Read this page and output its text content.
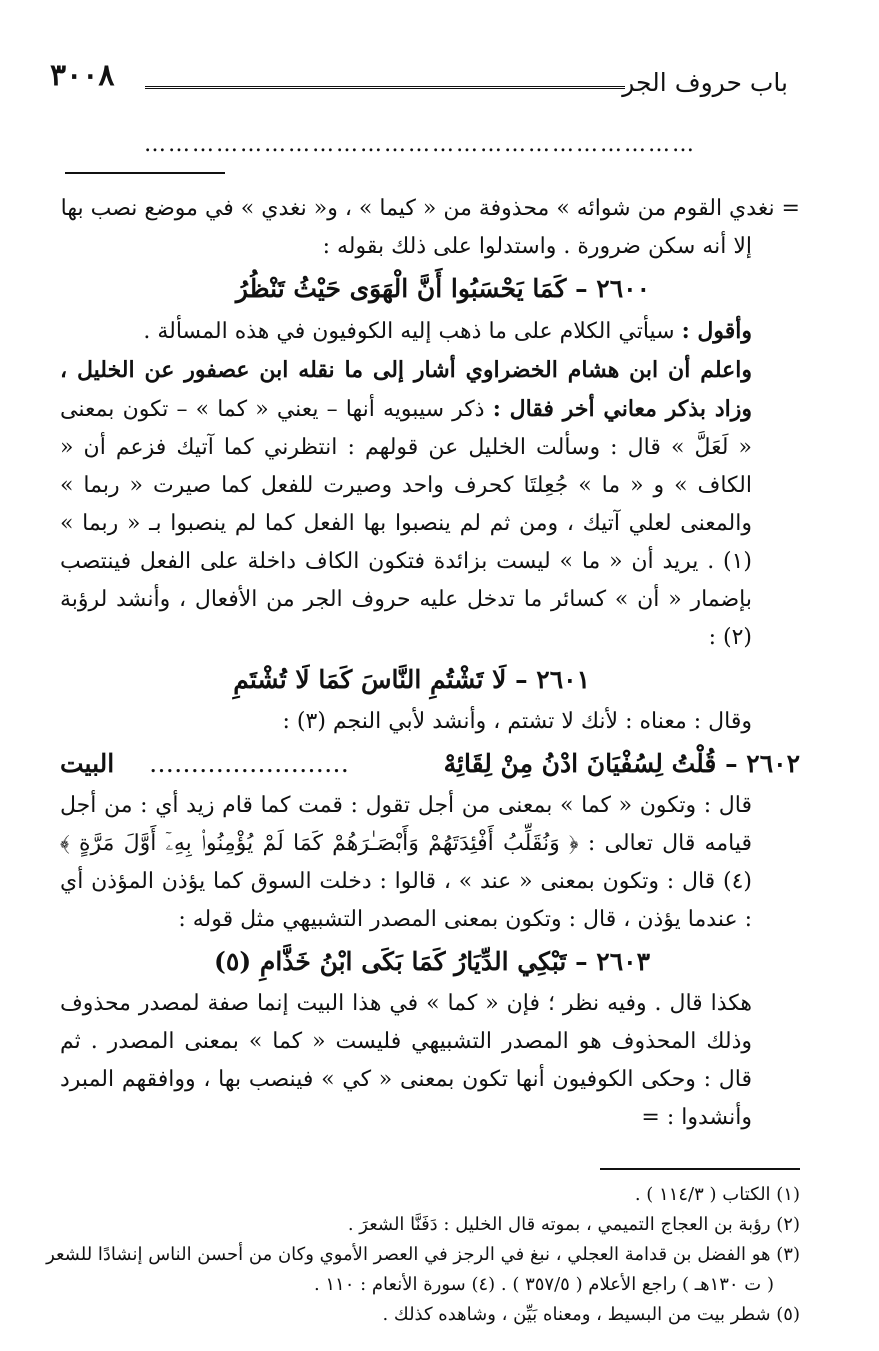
باب حروف الجر
٣٠٠٨
……………………………………………………………

= نغدي القوم من شوائه » محذوفة من « كيما » ، و« نغدي » في موضع نصب بها

إلا أنه سكن ضرورة . واستدلوا على ذلك بقوله :

٢٦٠٠ – كَمَا يَحْسَبُوا أَنَّ الْهَوَى حَيْثُ تَنْظُرُ

وأقول : سيأتي الكلام على ما ذهب إليه الكوفيون في هذه المسألة .

واعلم أن ابن هشام الخضراوي أشار إلى ما نقله ابن عصفور عن الخليل ، وزاد بذكر معاني أخر فقال : ذكر سيبويه أنها – يعني « كما » – تكون بمعنى « لَعَلَّ » قال : وسألت الخليل عن قولهم : انتظرني كما آتيك فزعم أن « الكاف » و « ما » جُعِلتَا كحرف واحد وصيرت للفعل كما صيرت « ربما » والمعنى لعلي آتيك ، ومن ثم لم ينصبوا بها الفعل كما لم ينصبوا بـ « ربما » (١) . يريد أن « ما » ليست بزائدة فتكون الكاف داخلة على الفعل فينتصب بإضمار « أن » كسائر ما تدخل عليه حروف الجر من الأفعال ، وأنشد لرؤبة (٢) :

٢٦٠١ – لَا تَشْتُمِ النَّاسَ كَمَا لَا تُشْتَمِ

وقال : معناه : لأنك لا تشتم ، وأنشد لأبي النجم (٣) :

٢٦٠٢ – قُلْتُ لِسُفْيَانَ ادْنُ مِنْ لِقَائِهْ
……………………    البيت

قال : وتكون « كما » بمعنى من أجل تقول : قمت كما قام زيد أي : من أجل قيامه قال تعالى : ﴿ وَنُقَلِّبُ أَفْئِدَتَهُمْ وَأَبْصَـٰرَهُمْ كَمَا لَمْ يُؤْمِنُوا۟ بِهِۦٓ أَوَّلَ مَرَّةٍ ﴾ (٤) قال : وتكون بمعنى « عند » ، قالوا : دخلت السوق كما يؤذن المؤذن أي : عندما يؤذن ، قال : وتكون بمعنى المصدر التشبيهي مثل قوله :

٢٦٠٣ – تَبْكِي الدِّيَارُ كَمَا بَكَى ابْنُ خَذَّامِ (٥)

هكذا قال . وفيه نظر ؛ فإن « كما » في هذا البيت إنما صفة لمصدر محذوف وذلك المحذوف هو المصدر التشبيهي فليست « كما » بمعنى المصدر . ثم قال : وحكى الكوفيون أنها تكون بمعنى « كي » فينصب بها ، ووافقهم المبرد وأنشدوا : =

(١) الكتاب ( ١١٤/٣ ) .
(٢) رؤبة بن العجاج التميمي ، بموته قال الخليل : دَفَنَّا الشعرَ .
(٣) هو الفضل بن قدامة العجلي ، نبغ في الرجز في العصر الأموي وكان من أحسن الناس إنشادًا للشعر
( ت ١٣٠هـ ) راجع الأعلام ( ٣٥٧/٥ ) . (٤) سورة الأنعام : ١١٠ .
(٥) شطر بيت من البسيط ، ومعناه بَيِّن ، وشاهده كذلك .
